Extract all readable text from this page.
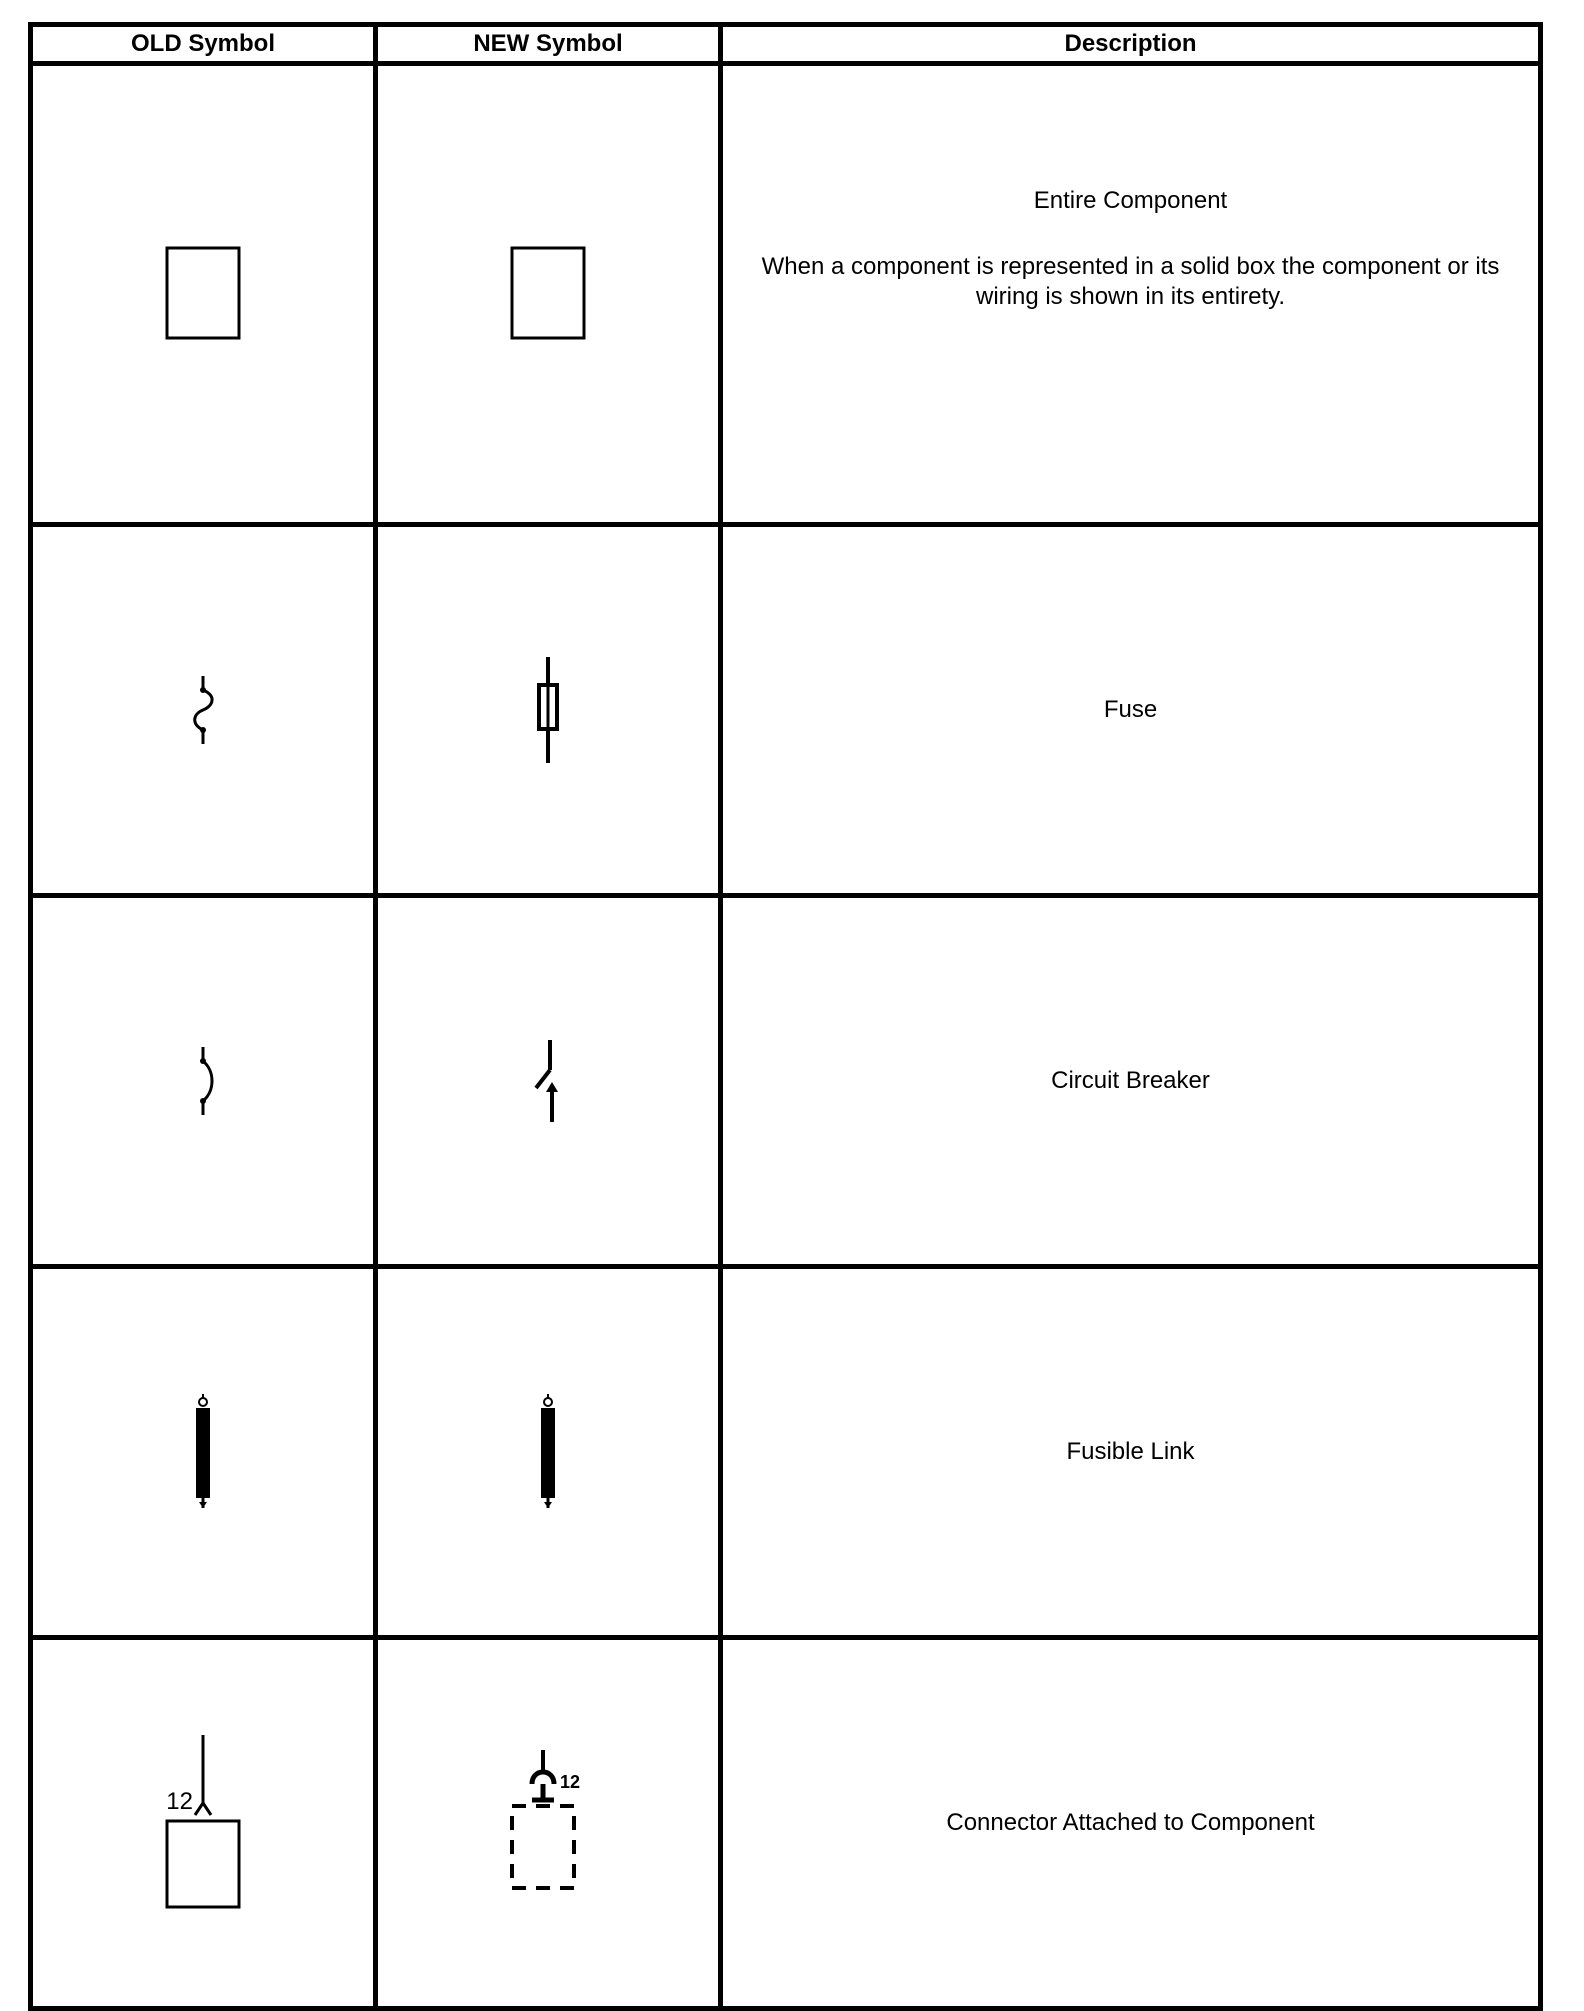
OLD Symbol	NEW Symbol	Description

Entire Component
When a component is represented in a solid box the component or its wiring is shown in its entirety.

Fuse

Circuit Breaker

Fusible Link

12	12	Connector Attached to Component
